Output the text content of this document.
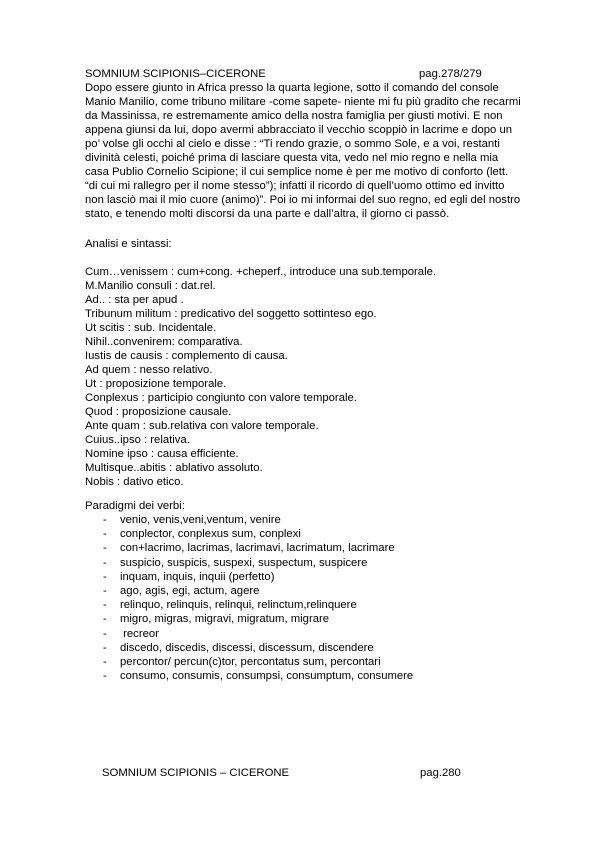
SOMNIUM SCIPIONIS–CICERONE	pag.278/279
Dopo essere giunto in Africa presso la quarta legione, sotto il comando del console
Manio Manilio, come tribuno militare -come sapete- niente mi fu più gradito che recarmi
da Massinissa, re estremamente amico della nostra famiglia per giusti motivi. E non
appena giunsi da lui, dopo avermi abbracciato il vecchio scoppiò in lacrime e dopo un
po’ volse gli occhi al cielo e disse : “Ti rendo grazie, o sommo Sole, e a voi, restanti
divinità celesti, poiché prima di lasciare questa vita, vedo nel mio regno e nella mia
casa Publio Cornelio Scipione; il cui semplice nome è per me motivo di conforto (lett.
“di cui mi rallegro per il nome stesso”); infatti il ricordo di quell’uomo ottimo ed invitto
non lasciò mai il mio cuore (animo)”. Poi io mi informai del suo regno, ed egli del nostro
stato, e tenendo molti discorsi da una parte e dall’altra, il giorno ci passò.
Analisi e sintassi:
Cum…venissem : cum+cong. +cheperf., introduce una sub.temporale.
M.Manilio consuli : dat.rel.
Ad.. : sta per apud .
Tribunum militum : predicativo del soggetto sottinteso ego.
Ut scitis : sub. Incidentale.
Nihil..convenirem: comparativa.
Iustis de causis : complemento di causa.
Ad quem : nesso relativo.
Ut : proposizione temporale.
Conplexus : participio congiunto con valore temporale.
Quod : proposizione causale.
Ante quam : sub.relativa con valore temporale.
Cuius..ipso : relativa.
Nomine ipso : causa efficiente.
Multisque..abitis : ablativo assoluto.
Nobis : dativo etico.
Paradigmi dei verbi:
- venio, venis,veni,ventum, venire
- conplector, conplexus sum, conplexi
- con+lacrimo, lacrimas, lacrimavi, lacrimatum, lacrimare
- suspicio, suspicis, suspexi, suspectum, suspicere
- inquam, inquis, inquii (perfetto)
- ago, agis, egi, actum, agere
- relinquo, relinquis, relinqui, relinctum,relinquere
- migro, migras, migravi, migratum, migrare
- recreor
- discedo, discedis, discessi, discessum, discendere
- percontor/ percun(c)tor, percontatus sum, percontari
- consumo, consumis, consumpsi, consumptum, consumere
SOMNIUM SCIPIONIS – CICERONE	pag.280
